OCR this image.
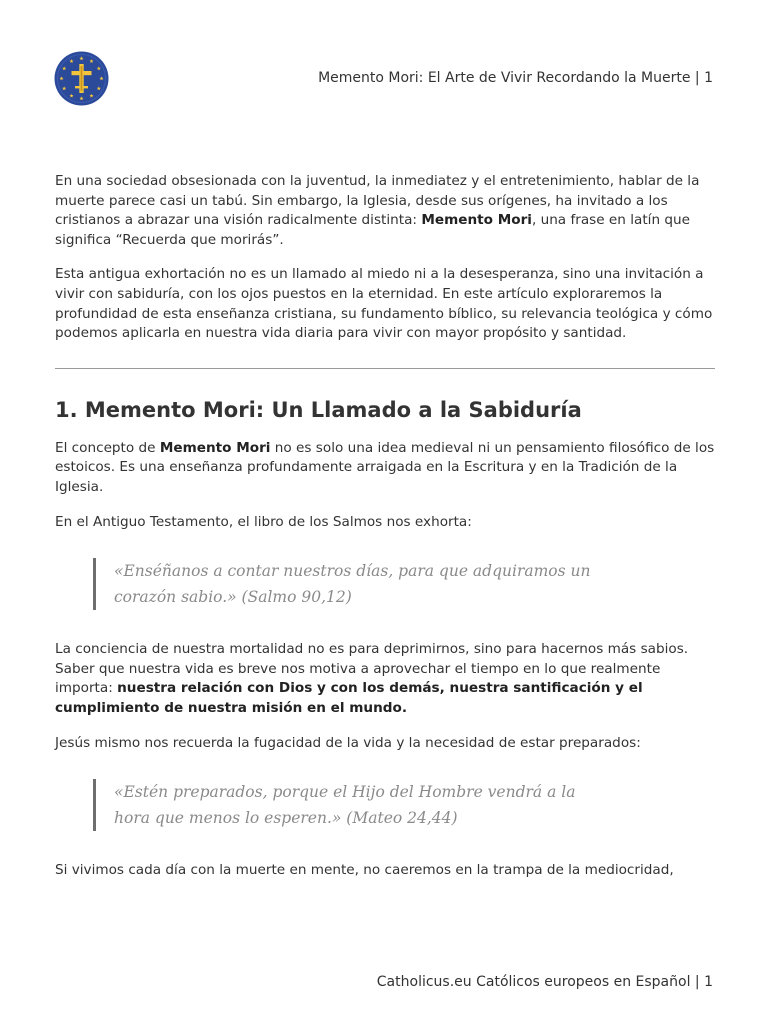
Memento Mori: El Arte de Vivir Recordando la Muerte | 1

En una sociedad obsesionada con la juventud, la inmediatez y el entretenimiento, hablar de la muerte parece casi un tabú. Sin embargo, la Iglesia, desde sus orígenes, ha invitado a los cristianos a abrazar una visión radicalmente distinta: Memento Mori, una frase en latín que significa “Recuerda que morirás”.

Esta antigua exhortación no es un llamado al miedo ni a la desesperanza, sino una invitación a vivir con sabiduría, con los ojos puestos en la eternidad. En este artículo exploraremos la profundidad de esta enseñanza cristiana, su fundamento bíblico, su relevancia teológica y cómo podemos aplicarla en nuestra vida diaria para vivir con mayor propósito y santidad.

1. Memento Mori: Un Llamado a la Sabiduría

El concepto de Memento Mori no es solo una idea medieval ni un pensamiento filosófico de los estoicos. Es una enseñanza profundamente arraigada en la Escritura y en la Tradición de la Iglesia.

En el Antiguo Testamento, el libro de los Salmos nos exhorta:

«Enséñanos a contar nuestros días, para que adquiramos un corazón sabio.» (Salmo 90,12)

La conciencia de nuestra mortalidad no es para deprimirnos, sino para hacernos más sabios. Saber que nuestra vida es breve nos motiva a aprovechar el tiempo en lo que realmente importa: nuestra relación con Dios y con los demás, nuestra santificación y el cumplimiento de nuestra misión en el mundo.

Jesús mismo nos recuerda la fugacidad de la vida y la necesidad de estar preparados:

«Estén preparados, porque el Hijo del Hombre vendrá a la hora que menos lo esperen.» (Mateo 24,44)

Si vivimos cada día con la muerte en mente, no caeremos en la trampa de la mediocridad,

Catholicus.eu Católicos europeos en Español | 1
